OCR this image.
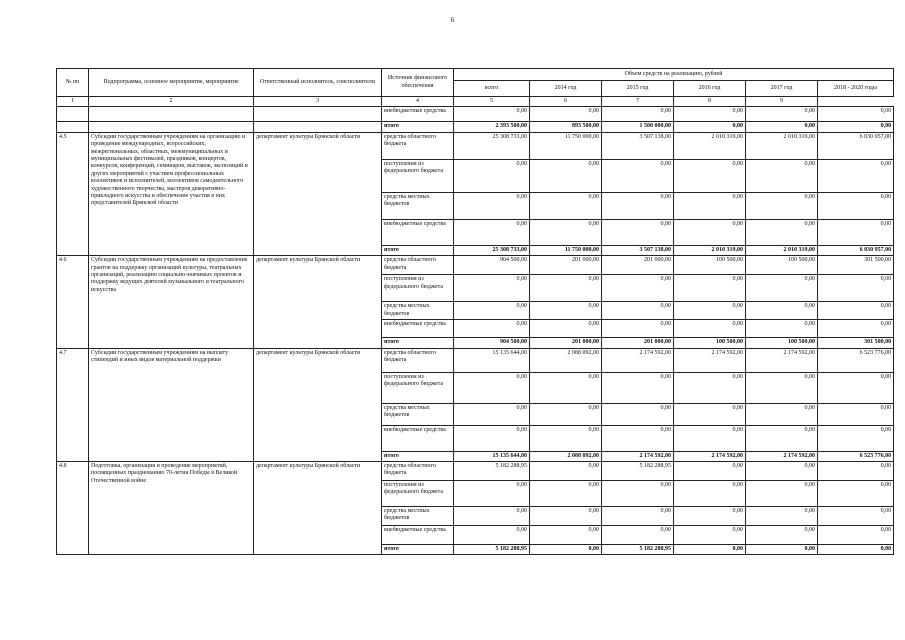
6
№ пп	Подпрограмма, основное мероприятие, мероприятие	Ответственный исполнитель, соисполнители	Источник финансового обеспечения	Объем средств на реализацию, рублей					
				всего	2014 год	2015 год	2016 год	2017 год	2018 - 2020 годы
1	2	3	4	5	6	7	8	9	
			внебюджетные средства	0,00	0,00	0,00	0,00	0,00	0,00
			итого	2 393 500,00	893 500,00	1 500 000,00	0,00	0,00	0,00
4.5	Субсидии государственным учреждениям на организацию и проведение международных, всероссийских, межрегиональных, областных, межмуниципальных и муниципальных фестивалей, праздников, концертов, конкурсов, конференций, семинаров, выставок, экспозиций и других мероприятий с участием профессиональных коллективов и исполнителей, коллективов самодеятельного художественного творчества, мастеров декоративно-прикладного искусства и обеспечение участия в них представителей Брянской области	департамент культуры Брянской области	средства областного бюджета	25 308 733,00	11 750 000,00	3 507 138,00	2 010 319,00	2 010 319,00	6 030 957,00
			поступления из федерального бюджета	0,00	0,00	0,00	0,00	0,00	0,00
			средства местных бюджетов	0,00	0,00	0,00	0,00	0,00	0,00
			внебюджетные средства	0,00	0,00	0,00	0,00	0,00	0,00
			итого	25 308 733,00	11 750 000,00	3 507 138,00	2 010 319,00	2 010 319,00	6 030 957,00
4.6	Субсидии государственным учреждениям на предоставление грантов на поддержку организаций культуры, театральных организаций, реализацию социально-значимых проектов и поддержку ведущих деятелей музыкального и театрального искусства	департамент культуры Брянской области	средства областного бюджета	904 500,00	201 000,00	201 000,00	100 500,00	100 500,00	301 500,00
			поступления из федерального бюджета	0,00	0,00	0,00	0,00	0,00	0,00
			средства местных бюджетов	0,00	0,00	0,00	0,00	0,00	0,00
			внебюджетные средства	0,00	0,00	0,00	0,00	0,00	0,00
			итого	904 500,00	201 000,00	201 000,00	100 500,00	100 500,00	301 500,00
4.7	Субсидии государственным учреждениям на выплату стипендий и иных видов материальной поддержки	департамент культуры Брянской области	средства областного бюджета	15 135 644,00	2 088 092,00	2 174 592,00	2 174 592,00	2 174 592,00	6 523 776,00
			поступления из федерального бюджета	0,00	0,00	0,00	0,00	0,00	0,00
			средства местных бюджетов	0,00	0,00	0,00	0,00	0,00	0,00
			внебюджетные средства	0,00	0,00	0,00	0,00	0,00	0,00
			итого	15 135 644,00	2 088 092,00	2 174 592,00	2 174 592,00	2 174 592,00	6 523 776,00
4.8	Подготовка, организация и проведение мероприятий, посвященных празднованию 70-летия Победы в Великой Отечественной войне	департамент культуры Брянской области	средства областного бюджета	5 182 288,95	0,00	5 182 288,95	0,00	0,00	0,00
			поступления из федерального бюджета	0,00	0,00	0,00	0,00	0,00	0,00
			средства местных бюджетов	0,00	0,00	0,00	0,00	0,00	0,00
			внебюджетные средства	0,00	0,00	0,00	0,00	0,00	0,00
			итого	5 182 288,95	0,00	5 182 288,95	0,00	0,00	0,00
